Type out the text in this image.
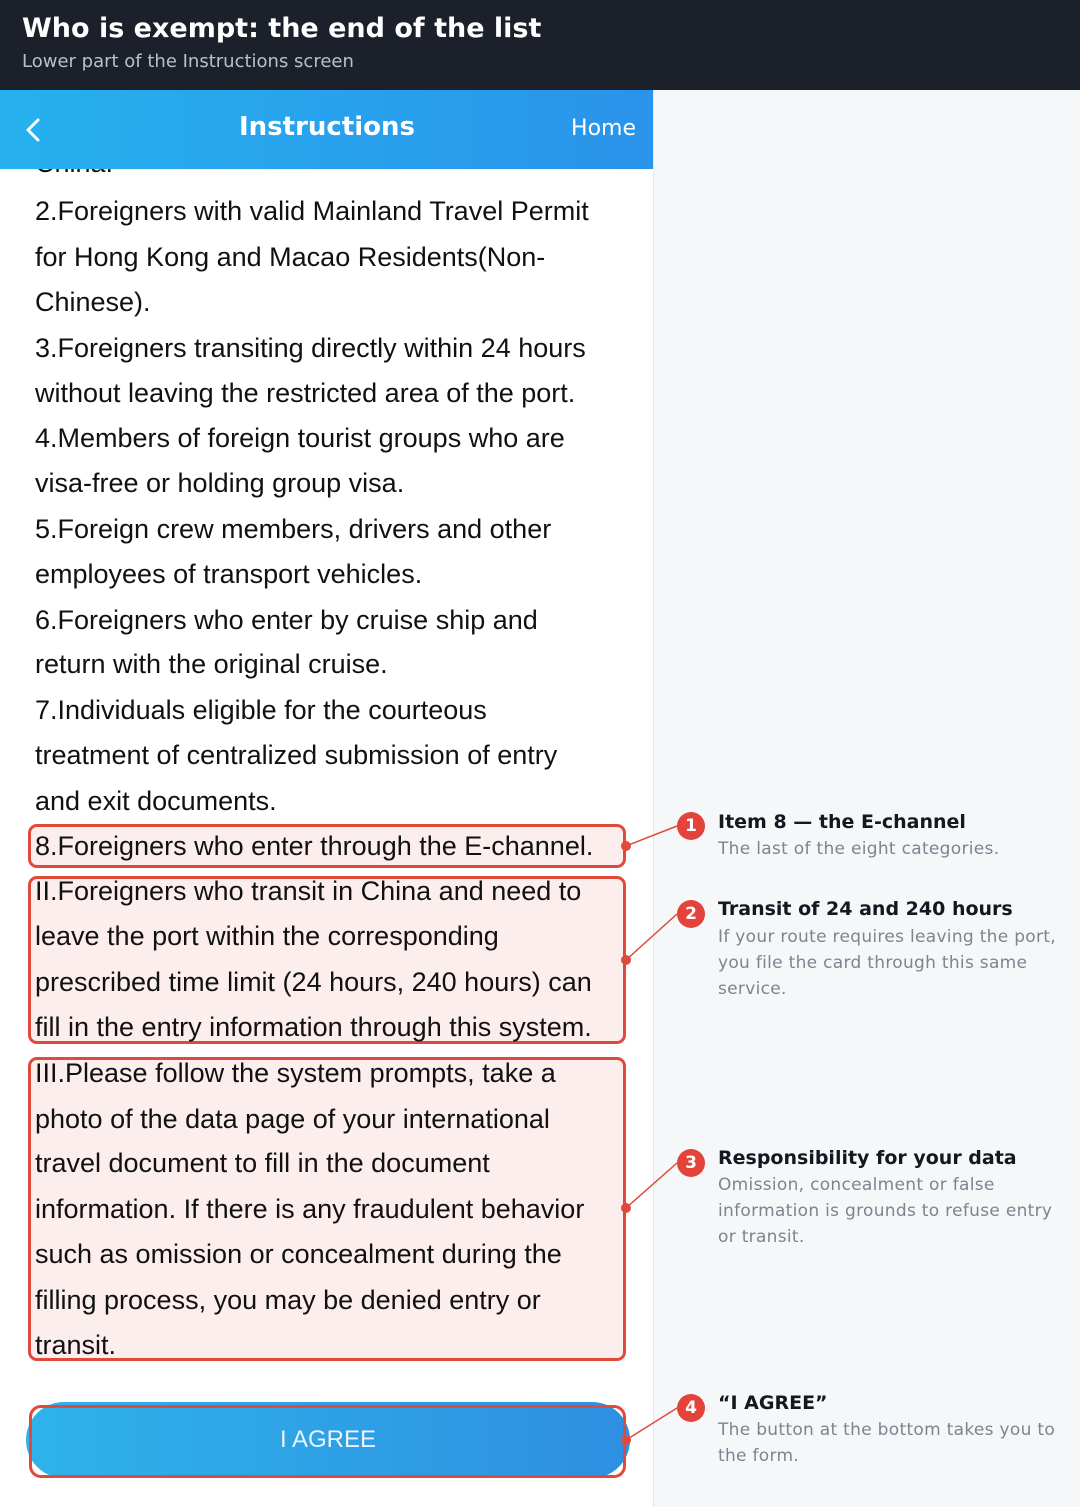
Who is exempt: the end of the list
Lower part of the Instructions screen
Instructions	Home
2.Foreigners with valid Mainland Travel Permit
for Hong Kong and Macao Residents(Non-
Chinese).
3.Foreigners transiting directly within 24 hours
without leaving the restricted area of the port.
4.Members of foreign tourist groups who are
visa-free or holding group visa.
5.Foreign crew members, drivers and other
employees of transport vehicles.
6.Foreigners who enter by cruise ship and
return with the original cruise.
7.Individuals eligible for the courteous
treatment of centralized submission of entry
and exit documents.
8.Foreigners who enter through the E-channel.
II.Foreigners who transit in China and need to
leave the port within the corresponding
prescribed time limit (24 hours, 240 hours) can
fill in the entry information through this system.
III.Please follow the system prompts, take a
photo of the data page of your international
travel document to fill in the document
information. If there is any fraudulent behavior
such as omission or concealment during the
filling process, you may be denied entry or
transit.
I AGREE
1	Item 8 — the E-channel
The last of the eight categories.
2	Transit of 24 and 240 hours
If your route requires leaving the port, you file the card through this same service.
3	Responsibility for your data
Omission, concealment or false information is grounds to refuse entry or transit.
4	“I AGREE”
The button at the bottom takes you to the form.
